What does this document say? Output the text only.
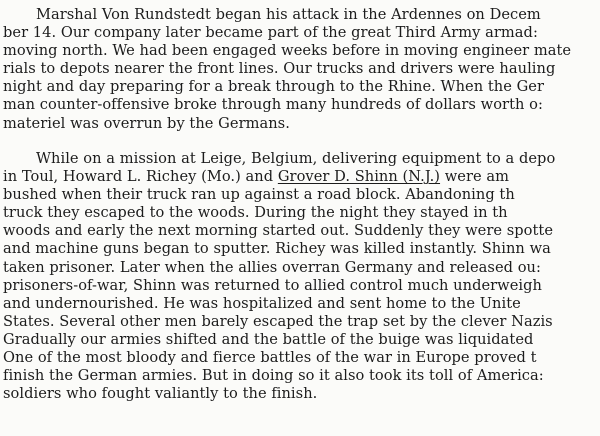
Marshal Von Rundstedt began his attack in the Ardennes on Decem
ber 14. Our company later became part of the great Third Army armad:
moving north. We had been engaged weeks before in moving engineer mate
rials to depots nearer the front lines. Our trucks and drivers were hauling
night and day preparing for a break through to the Rhine. When the Ger
man counter-offensive broke through many hundreds of dollars worth o:
materiel was overrun by the Germans.
While on a mission at Leige, Belgium, delivering equipment to a depo
in Toul, Howard L. Richey (Mo.) and Grover D. Shinn (N.J.) were am
bushed when their truck ran up against a road block. Abandoning th
truck they escaped to the woods. During the night they stayed in th
woods and early the next morning started out. Suddenly they were spotte
and machine guns began to sputter. Richey was killed instantly. Shinn wa
taken prisoner. Later when the allies overran Germany and released ou:
prisoners-of-war, Shinn was returned to allied control much underweigh
and undernourished. He was hospitalized and sent home to the Unite
States. Several other men barely escaped the trap set by the clever Nazis
Gradually our armies shifted and the battle of the buige was liquidated
One of the most bloody and fierce battles of the war in Europe proved t
finish the German armies. But in doing so it also took its toll of America:
soldiers who fought valiantly to the finish.
